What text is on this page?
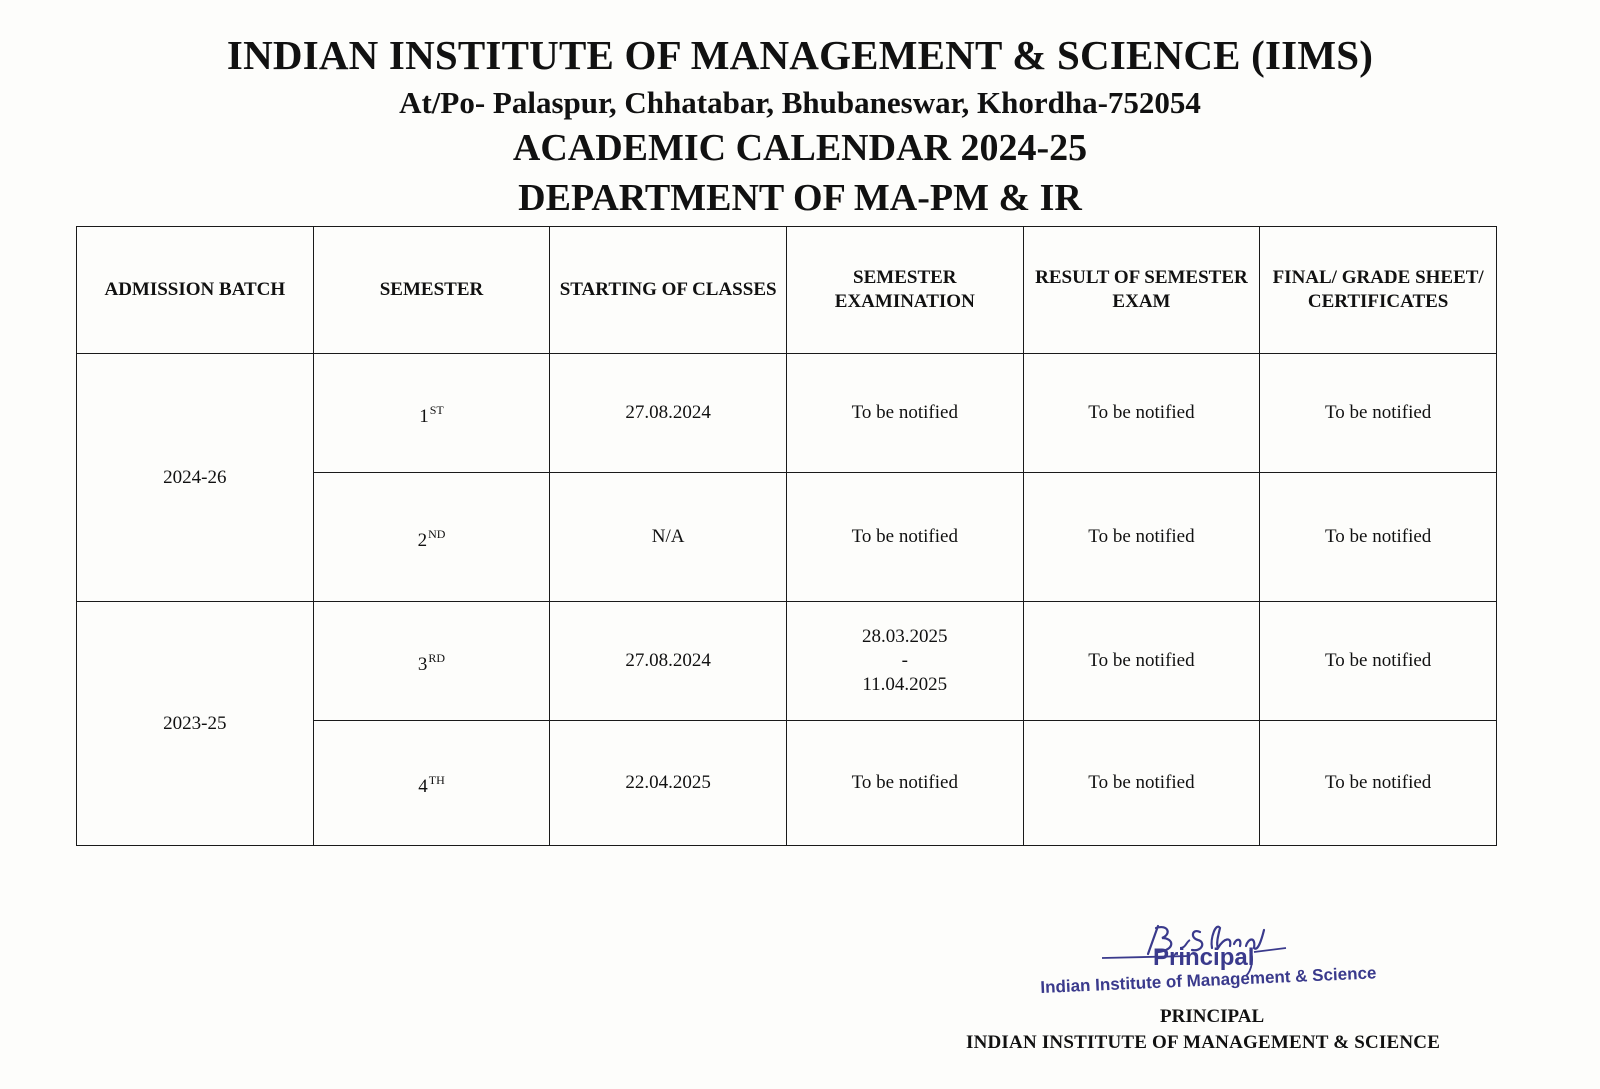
INDIAN INSTITUTE OF MANAGEMENT & SCIENCE (IIMS)

At/Po- Palaspur, Chhatabar, Bhubaneswar, Khordha-752054

ACADEMIC CALENDAR 2024-25

DEPARTMENT OF MA-PM & IR

ADMISSION BATCH	SEMESTER	STARTING OF CLASSES	SEMESTER EXAMINATION	RESULT OF SEMESTER EXAM	FINAL/ GRADE SHEET/ CERTIFICATES
2024-26	1ST	27.08.2024	To be notified	To be notified	To be notified
	2ND	N/A	To be notified	To be notified	To be notified
2023-25	3RD	27.08.2024	28.03.2025
-
11.04.2025	To be notified	To be notified
	4TH	22.04.2025	To be notified	To be notified	To be notified
Principal
Indian Institute of Management & Science
PRINCIPAL
INDIAN INSTITUTE OF MANAGEMENT & SCIENCE
